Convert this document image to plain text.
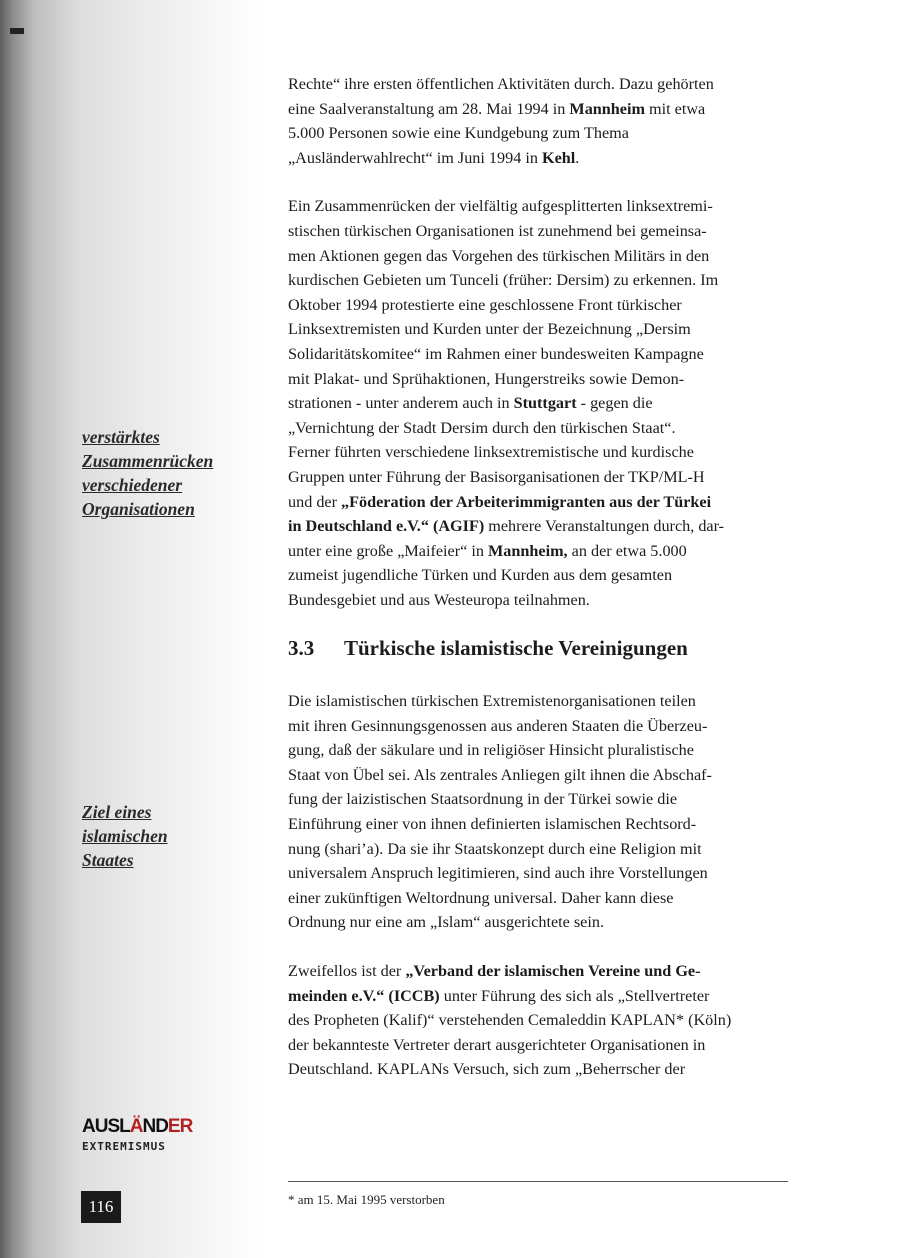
verstärktes
Zusammenrücken
verschiedener
Organisationen
Ziel eines
islamischen
Staates
AUSL Ä ND ER
EXTREMISMUS
116

Rechte“ ihre ersten öffentlichen Aktivitäten durch. Dazu gehörten
eine Saalveranstaltung am 28. Mai 1994 in Mannheim mit etwa
5.000 Personen sowie eine Kundgebung zum Thema
„Ausländerwahlrecht“ im Juni 1994 in Kehl.

Ein Zusammenrücken der vielfältig aufgesplitterten linksextremi-
stischen türkischen Organisationen ist zunehmend bei gemeinsa-
men Aktionen gegen das Vorgehen des türkischen Militärs in den
kurdischen Gebieten um Tunceli (früher: Dersim) zu erkennen. Im
Oktober 1994 protestierte eine geschlossene Front türkischer
Linksextremisten und Kurden unter der Bezeichnung „Dersim
Solidaritätskomitee“ im Rahmen einer bundesweiten Kampagne
mit Plakat- und Sprühaktionen, Hungerstreiks sowie Demon-
strationen - unter anderem auch in Stuttgart - gegen die
„Vernichtung der Stadt Dersim durch den türkischen Staat“.
Ferner führten verschiedene linksextremistische und kurdische
Gruppen unter Führung der Basisorganisationen der TKP/ML-H
und der „Föderation der Arbeiterimmigranten aus der Türkei
in Deutschland e.V.“ (AGIF) mehrere Veranstaltungen durch, dar-
unter eine große „Maifeier“ in Mannheim, an der etwa 5.000
zumeist jugendliche Türken und Kurden aus dem gesamten
Bundesgebiet und aus Westeuropa teilnahmen.

3.3 Türkische islamistische Vereinigungen

Die islamistischen türkischen Extremistenorganisationen teilen
mit ihren Gesinnungsgenossen aus anderen Staaten die Überzeu-
gung, daß der säkulare und in religiöser Hinsicht pluralistische
Staat von Übel sei. Als zentrales Anliegen gilt ihnen die Abschaf-
fung der laizistischen Staatsordnung in der Türkei sowie die
Einführung einer von ihnen definierten islamischen Rechtsord-
nung (shari’a). Da sie ihr Staatskonzept durch eine Religion mit
universalem Anspruch legitimieren, sind auch ihre Vorstellungen
einer zukünftigen Weltordnung universal. Daher kann diese
Ordnung nur eine am „Islam“ ausgerichtete sein.

Zweifellos ist der „Verband der islamischen Vereine und Ge-
meinden e.V.“ (ICCB) unter Führung des sich als „Stellvertreter
des Propheten (Kalif)“ verstehenden Cemaleddin KAPLAN* (Köln)
der bekannteste Vertreter derart ausgerichteter Organisationen in
Deutschland. KAPLANs Versuch, sich zum „Beherrscher der

* am 15. Mai 1995 verstorben
